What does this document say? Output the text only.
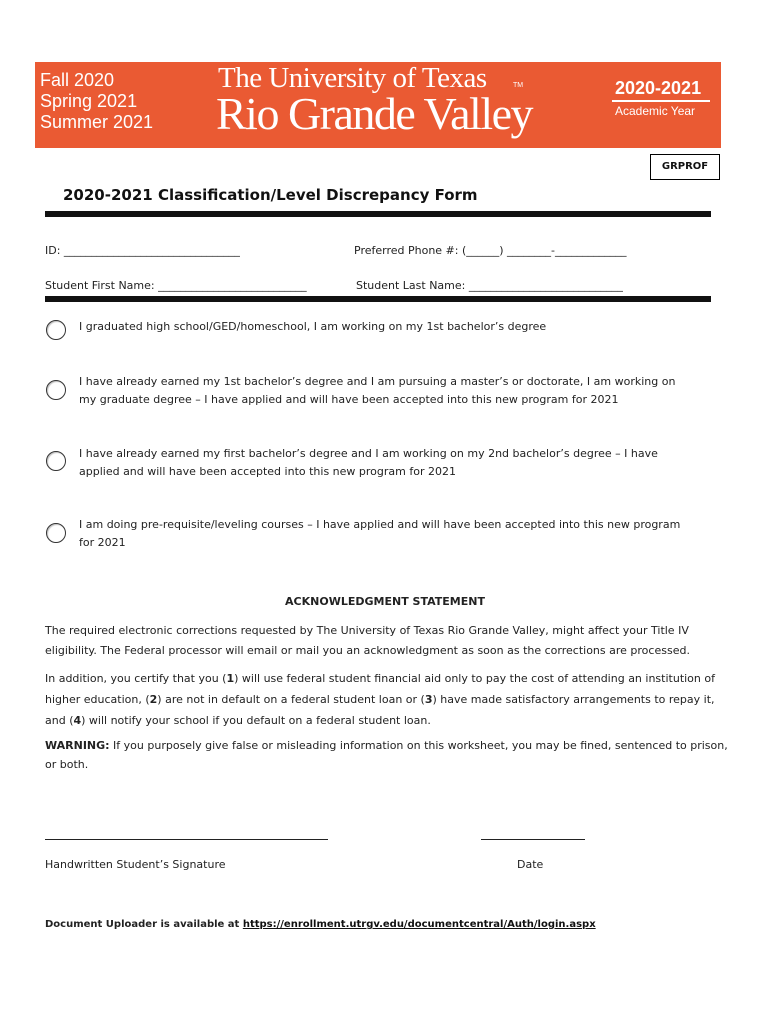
Fall 2020
Spring 2021
Summer 2021
The University of Texas	TM
Rio Grande Valley	2020-2021
Academic Year
GRPROF
2020-2021 Classification/Level Discrepancy Form
ID: ________________________________	Preferred Phone #: (______) ________-_____________
Student First Name: ___________________________	Student Last Name: ____________________________
I graduated high school/GED/homeschool, I am working on my 1st bachelor’s degree
I have already earned my 1st bachelor’s degree and I am pursuing a master’s or doctorate, I am working on my graduate degree – I have applied and will have been accepted into this new program for 2021
I have already earned my first bachelor’s degree and I am working on my 2nd bachelor’s degree – I have applied and will have been accepted into this new program for 2021
I am doing pre-requisite/leveling courses – I have applied and will have been accepted into this new program for 2021
ACKNOWLEDGMENT STATEMENT
The required electronic corrections requested by The University of Texas Rio Grande Valley, might affect your Title IV eligibility. The Federal processor will email or mail you an acknowledgment as soon as the corrections are processed.
In addition, you certify that you (1) will use federal student financial aid only to pay the cost of attending an institution of higher education, (2) are not in default on a federal student loan or (3) have made satisfactory arrangements to repay it, and (4) will notify your school if you default on a federal student loan.
WARNING: If you purposely give false or misleading information on this worksheet, you may be fined, sentenced to prison, or both.
Handwritten Student’s Signature	Date
Document Uploader is available at https://enrollment.utrgv.edu/documentcentral/Auth/login.aspx
